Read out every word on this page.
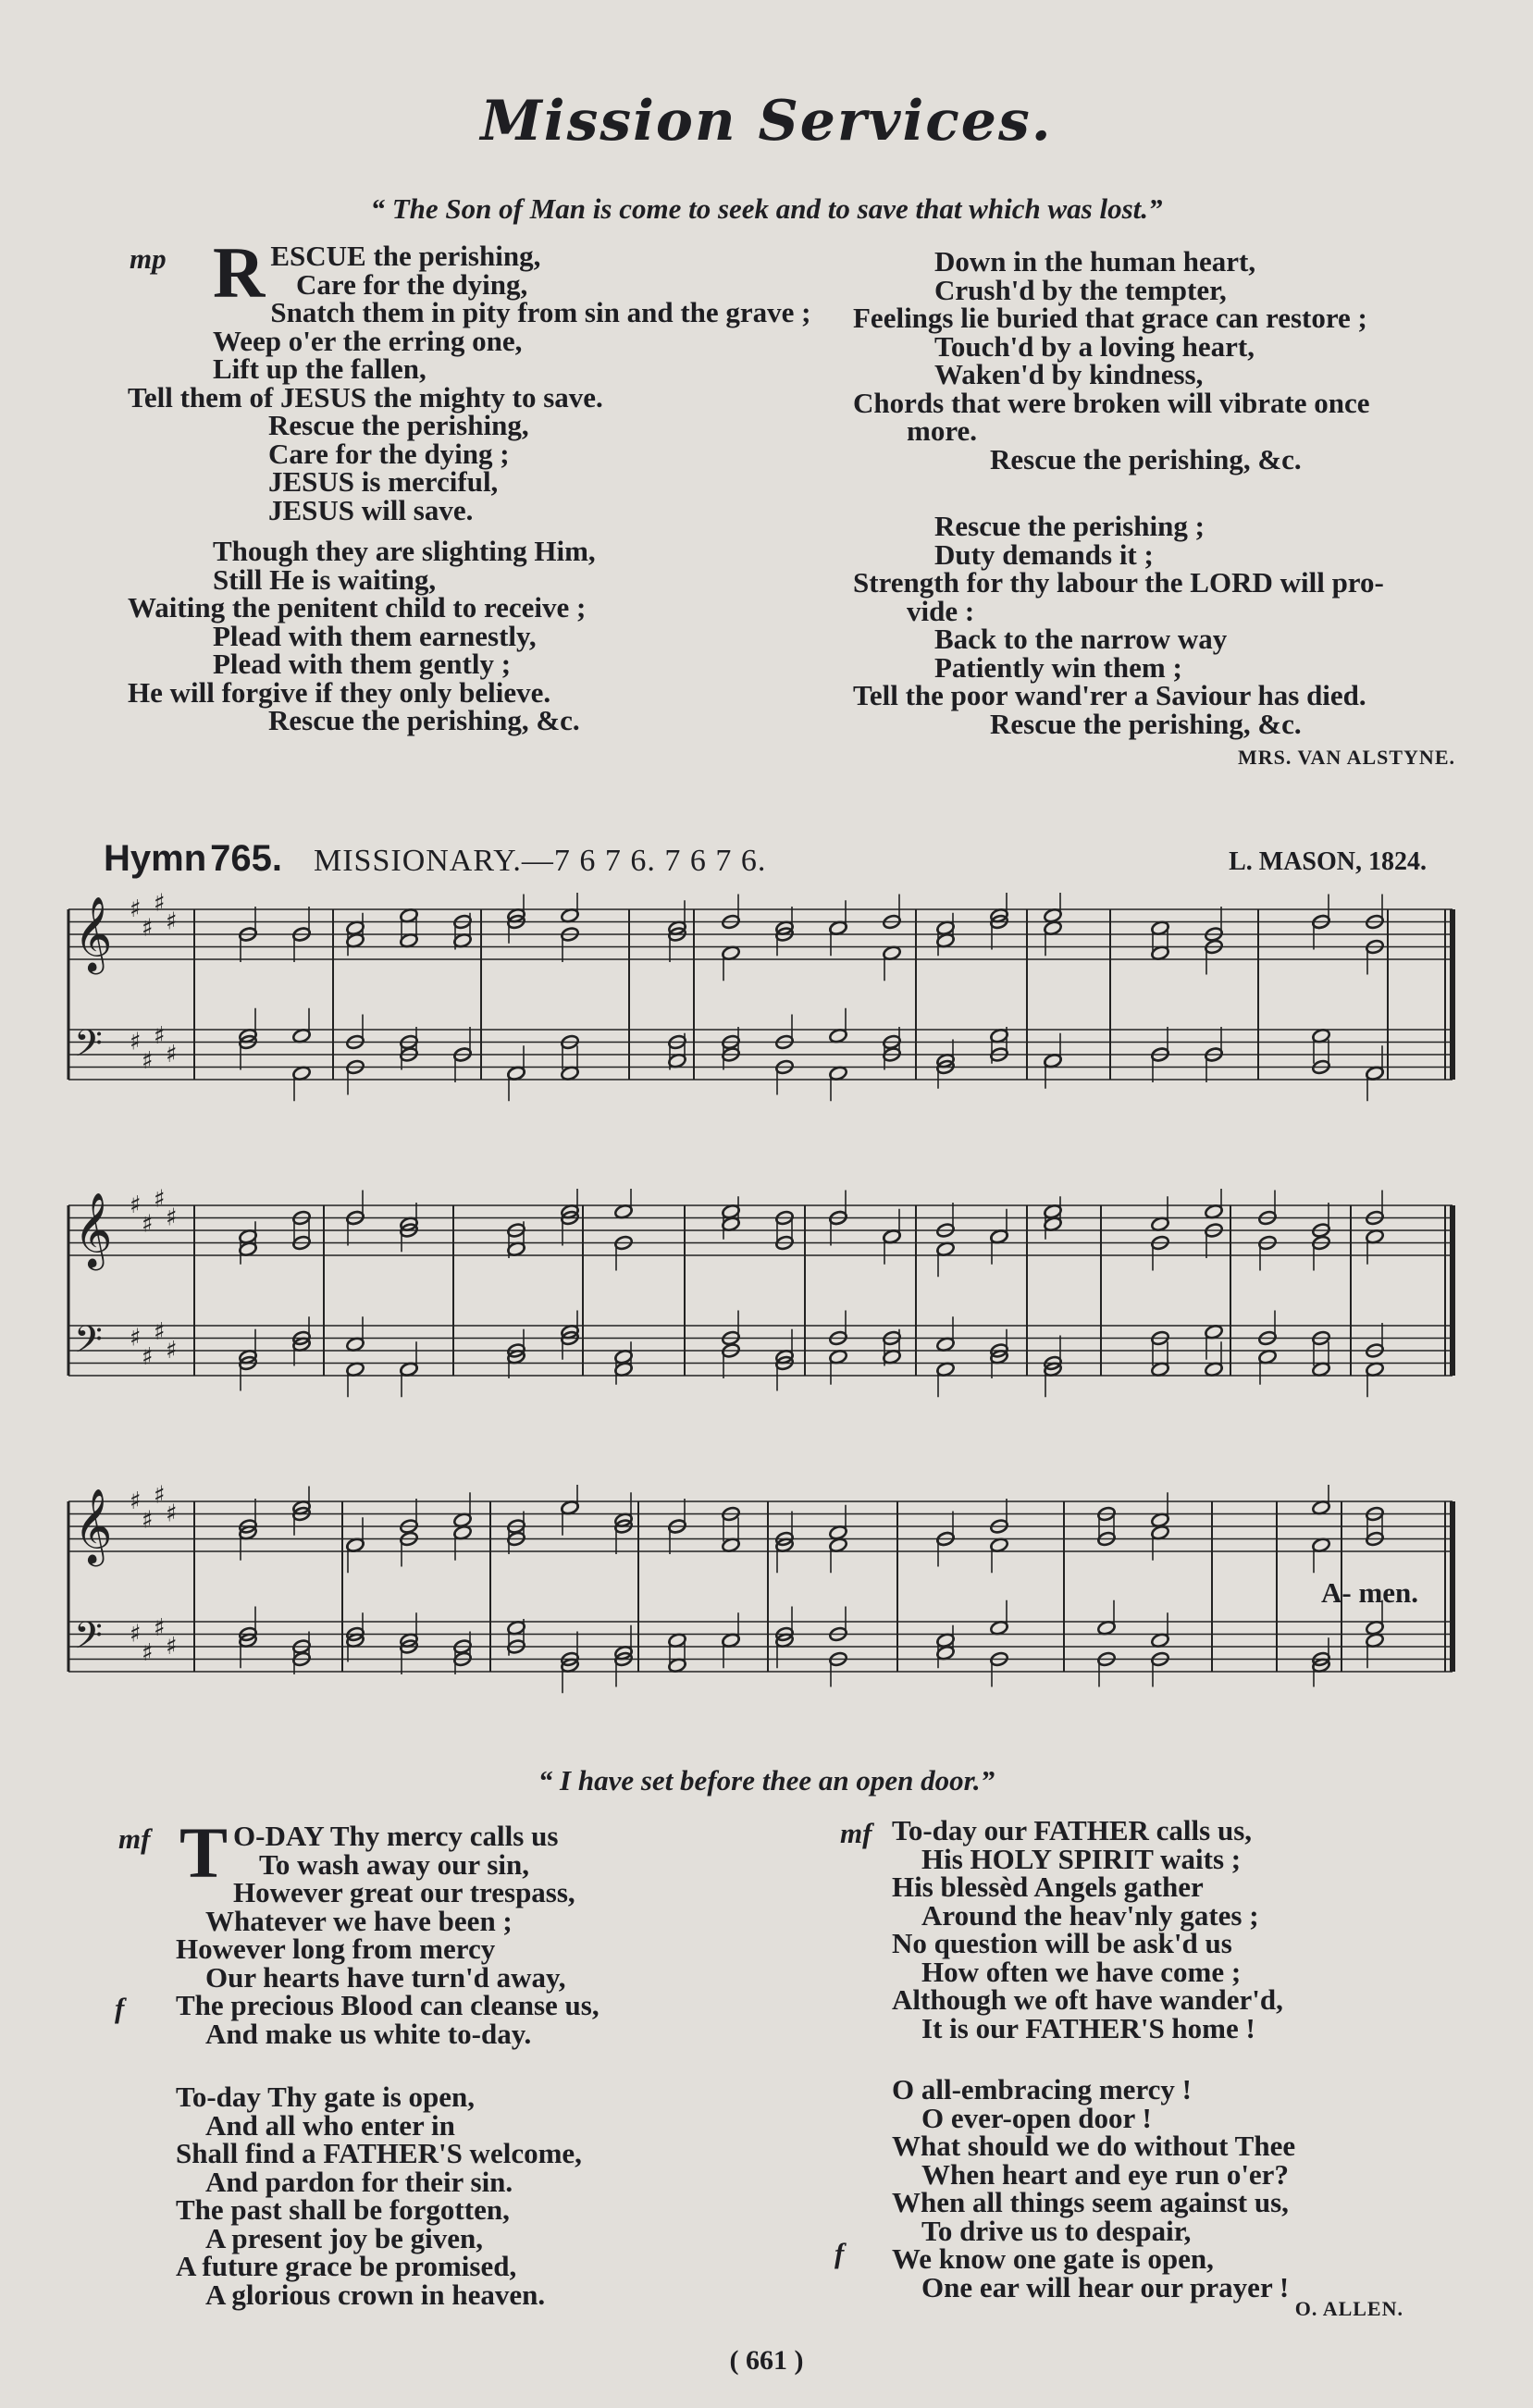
Mission Services.
“ The Son of Man is come to seek and to save that which was lost.”
mp RESCUE the perishing,
Care for the dying,
Snatch them in pity from sin and the grave ;
Weep o'er the erring one,
Lift up the fallen,
Tell them of JESUS the mighty to save.
Rescue the perishing,
Care for the dying ;
JESUS is merciful,
JESUS will save.
Though they are slighting Him,
Still He is waiting,
Waiting the penitent child to receive ;
Plead with them earnestly,
Plead with them gently ;
He will forgive if they only believe.
Rescue the perishing, &c.
Down in the human heart,
Crush'd by the tempter,
Feelings lie buried that grace can restore ;
Touch'd by a loving heart,
Waken'd by kindness,
Chords that were broken will vibrate once
more.
Rescue the perishing, &c.
Rescue the perishing ;
Duty demands it ;
Strength for thy labour the LORD will pro-
vide :
Back to the narrow way
Patiently win them ;
Tell the poor wand'rer a Saviour has died.
Rescue the perishing, &c.
MRS. VAN ALSTYNE.
Hymn 765. MISSIONARY.—7 6 7 6. 7 6 7 6.	L. MASON, 1824.
𝄞 ♯
♯
♯
♯
𝄢 ♯
♯
♯
♯
𝄞 ♯
♯
♯
♯
𝄢 ♯
♯
♯
♯
𝄞 ♯
♯
♯
♯
𝄢 ♯
♯
♯
♯
A- men.
“ I have set before thee an open door.”
mf
f
T O-DAY Thy mercy calls us
To wash away our sin,
However great our trespass,
Whatever we have been ;
However long from mercy
Our hearts have turn'd away,
The precious Blood can cleanse us,
And make us white to-day.
To-day Thy gate is open,
And all who enter in
Shall find a FATHER'S welcome,
And pardon for their sin.
The past shall be forgotten,
A present joy be given,
A future grace be promised,
A glorious crown in heaven.
mf
f
To-day our FATHER calls us,
His HOLY SPIRIT waits ;
His blessèd Angels gather
Around the heav'nly gates ;
No question will be ask'd us
How often we have come ;
Although we oft have wander'd,
It is our FATHER'S home !
O all-embracing mercy !
O ever-open door !
What should we do without Thee
When heart and eye run o'er?
When all things seem against us,
To drive us to despair,
We know one gate is open,
One ear will hear our prayer !
O. ALLEN.
( 661 )
